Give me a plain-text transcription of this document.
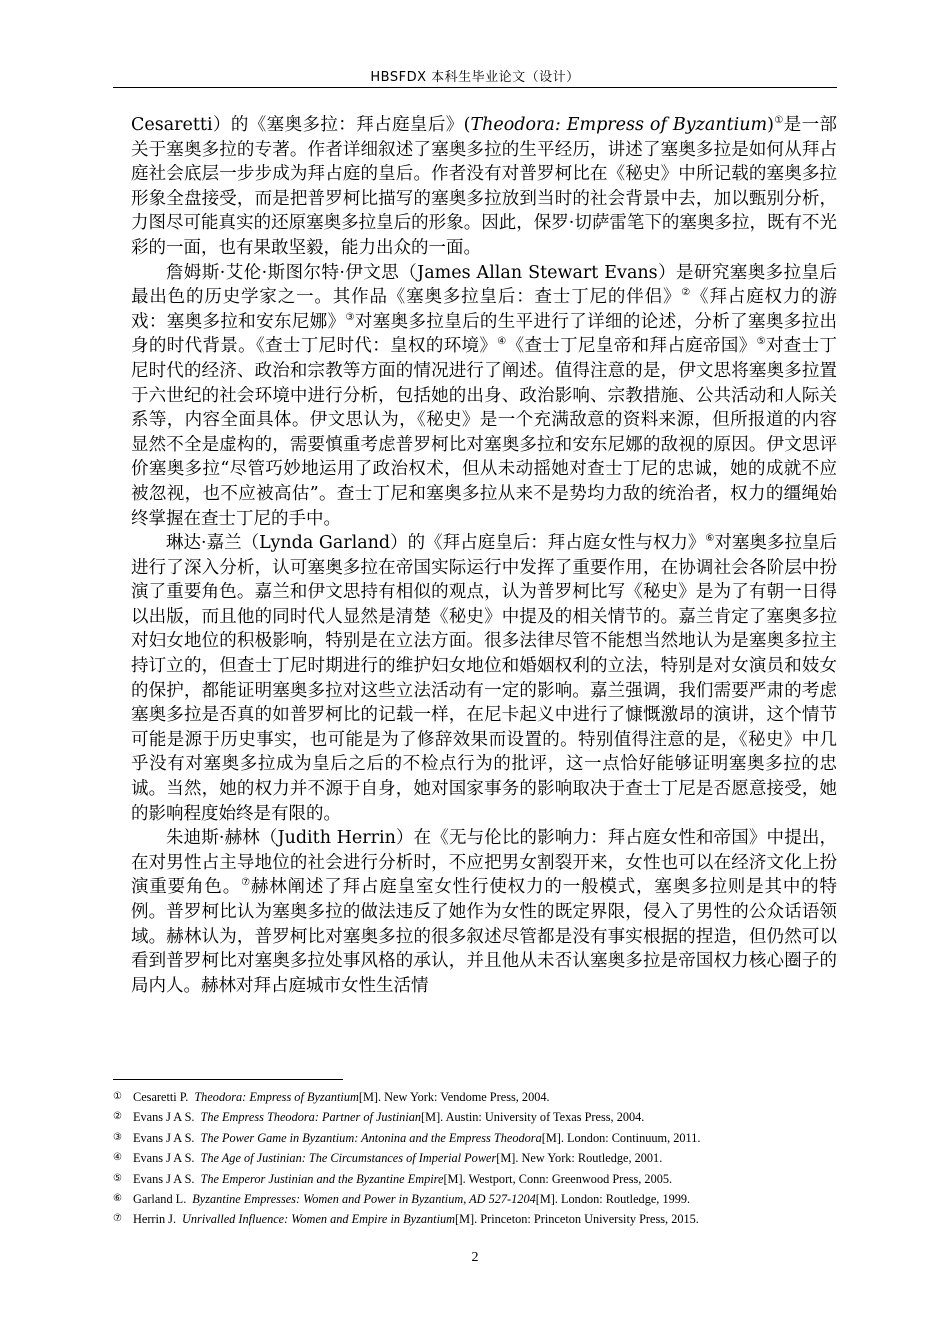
HBSFDX 本科生毕业论文（设计）

Cesaretti）的《塞奥多拉：拜占庭皇后》(Theodora: Empress of Byzantium)①是一部关于塞奥多拉的专著。作者详细叙述了塞奥多拉的生平经历，讲述了塞奥多拉是如何从拜占庭社会底层一步步成为拜占庭的皇后。作者没有对普罗柯比在《秘史》中所记载的塞奥多拉形象全盘接受，而是把普罗柯比描写的塞奥多拉放到当时的社会背景中去，加以甄别分析，力图尽可能真实的还原塞奥多拉皇后的形象。因此，保罗·切萨雷笔下的塞奥多拉，既有不光彩的一面，也有果敢坚毅，能力出众的一面。

詹姆斯·艾伦·斯图尔特·伊文思（James Allan Stewart Evans）是研究塞奥多拉皇后最出色的历史学家之一。其作品《塞奥多拉皇后：查士丁尼的伴侣》②《拜占庭权力的游戏：塞奥多拉和安东尼娜》③对塞奥多拉皇后的生平进行了详细的论述，分析了塞奥多拉出身的时代背景。《查士丁尼时代：皇权的环境》④《查士丁尼皇帝和拜占庭帝国》⑤对查士丁尼时代的经济、政治和宗教等方面的情况进行了阐述。值得注意的是，伊文思将塞奥多拉置于六世纪的社会环境中进行分析，包括她的出身、政治影响、宗教措施、公共活动和人际关系等，内容全面具体。伊文思认为，《秘史》是一个充满敌意的资料来源，但所报道的内容显然不全是虚构的，需要慎重考虑普罗柯比对塞奥多拉和安东尼娜的敌视的原因。伊文思评价塞奥多拉“尽管巧妙地运用了政治权术，但从未动摇她对查士丁尼的忠诚，她的成就不应被忽视，也不应被高估”。查士丁尼和塞奥多拉从来不是势均力敌的统治者，权力的缰绳始终掌握在查士丁尼的手中。

琳达·嘉兰（Lynda Garland）的《拜占庭皇后：拜占庭女性与权力》⑥对塞奥多拉皇后进行了深入分析，认可塞奥多拉在帝国实际运行中发挥了重要作用，在协调社会各阶层中扮演了重要角色。嘉兰和伊文思持有相似的观点，认为普罗柯比写《秘史》是为了有朝一日得以出版，而且他的同时代人显然是清楚《秘史》中提及的相关情节的。嘉兰肯定了塞奥多拉对妇女地位的积极影响，特别是在立法方面。很多法律尽管不能想当然地认为是塞奥多拉主持订立的，但查士丁尼时期进行的维护妇女地位和婚姻权利的立法，特别是对女演员和妓女的保护，都能证明塞奥多拉对这些立法活动有一定的影响。嘉兰强调，我们需要严肃的考虑塞奥多拉是否真的如普罗柯比的记载一样，在尼卡起义中进行了慷慨激昂的演讲，这个情节可能是源于历史事实，也可能是为了修辞效果而设置的。特别值得注意的是，《秘史》中几乎没有对塞奥多拉成为皇后之后的不检点行为的批评，这一点恰好能够证明塞奥多拉的忠诚。当然，她的权力并不源于自身，她对国家事务的影响取决于查士丁尼是否愿意接受，她的影响程度始终是有限的。

朱迪斯·赫林（Judith Herrin）在《无与伦比的影响力：拜占庭女性和帝国》中提出，在对男性占主导地位的社会进行分析时，不应把男女割裂开来，女性也可以在经济文化上扮演重要角色。⑦赫林阐述了拜占庭皇室女性行使权力的一般模式，塞奥多拉则是其中的特例。普罗柯比认为塞奥多拉的做法违反了她作为女性的既定界限，侵入了男性的公众话语领域。赫林认为，普罗柯比对塞奥多拉的很多叙述尽管都是没有事实根据的捏造，但仍然可以看到普罗柯比对塞奥多拉处事风格的承认，并且他从未否认塞奥多拉是帝国权力核心圈子的局内人。赫林对拜占庭城市女性生活情

① Cesaretti P. Theodora: Empress of Byzantium[M]. New York: Vendome Press, 2004.
② Evans J A S. The Empress Theodora: Partner of Justinian[M]. Austin: University of Texas Press, 2004.
③ Evans J A S. The Power Game in Byzantium: Antonina and the Empress Theodora[M]. London: Continuum, 2011.
④ Evans J A S. The Age of Justinian: The Circumstances of Imperial Power[M]. New York: Routledge, 2001.
⑤ Evans J A S. The Emperor Justinian and the Byzantine Empire[M]. Westport, Conn: Greenwood Press, 2005.
⑥ Garland L. Byzantine Empresses: Women and Power in Byzantium, AD 527-1204[M]. London: Routledge, 1999.
⑦ Herrin J. Unrivalled Influence: Women and Empire in Byzantium[M]. Princeton: Princeton University Press, 2015.
2
